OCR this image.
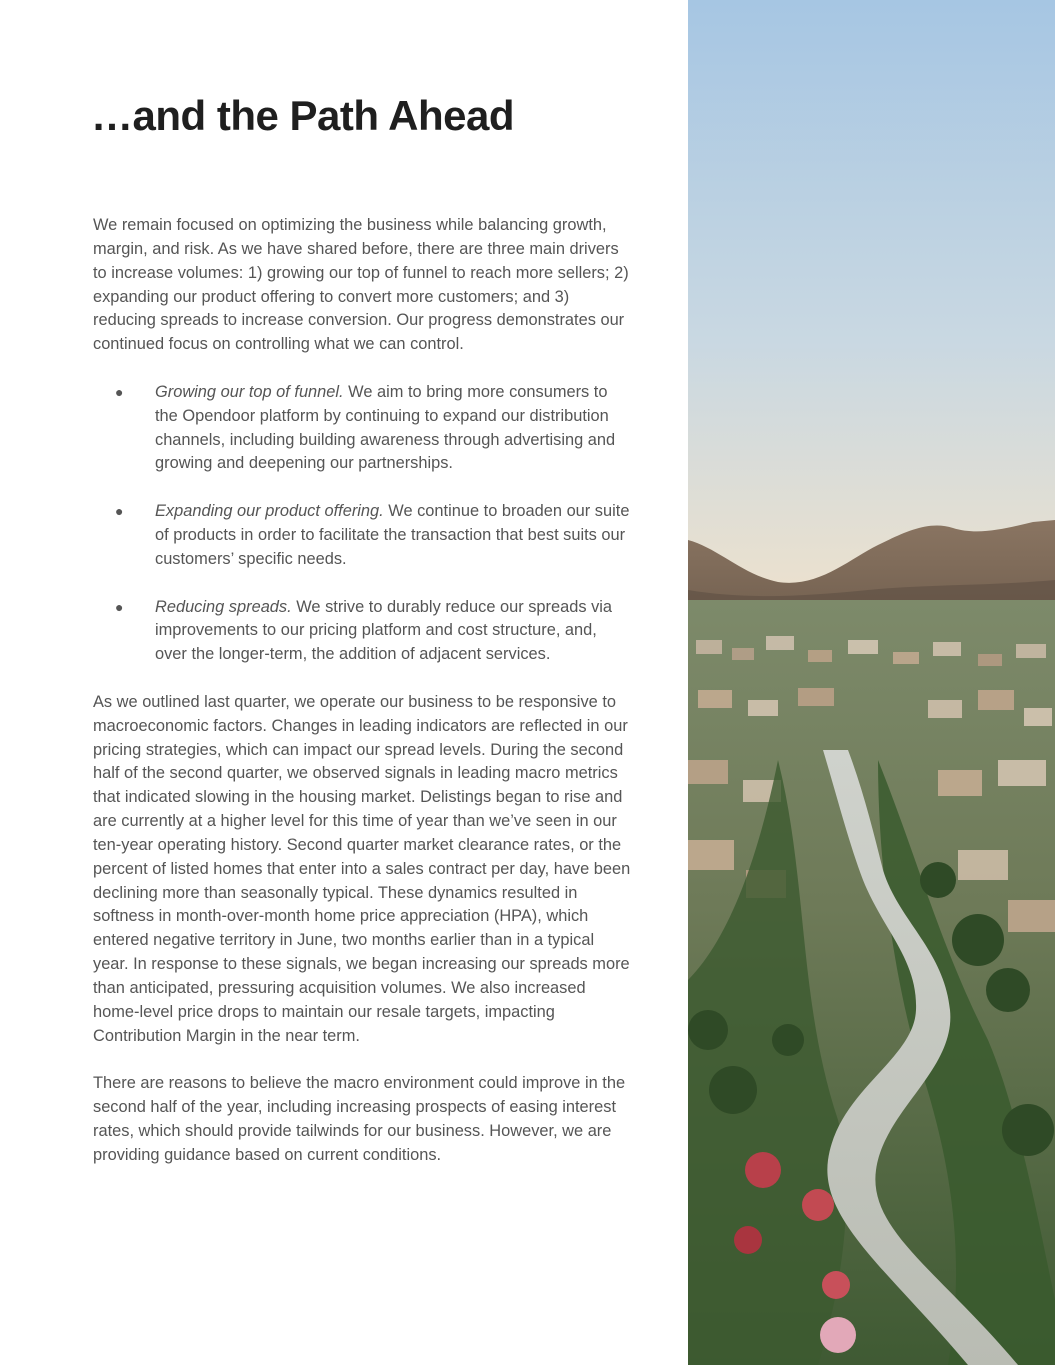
…and the Path Ahead

We remain focused on optimizing the business while balancing growth, margin, and risk. As we have shared before, there are three main drivers to increase volumes: 1) growing our top of funnel to reach more sellers; 2) expanding our product offering to convert more customers; and 3) reducing spreads to increase conversion. Our progress demonstrates our continued focus on controlling what we can control.

● Growing our top of funnel. We aim to bring more consumers to the Opendoor platform by continuing to expand our distribution channels, including building awareness through advertising and growing and deepening our partnerships.
● Expanding our product offering. We continue to broaden our suite of products in order to facilitate the transaction that best suits our customers’ specific needs.
● Reducing spreads. We strive to durably reduce our spreads via improvements to our pricing platform and cost structure, and, over the longer-term, the addition of adjacent services.

As we outlined last quarter, we operate our business to be responsive to macroeconomic factors. Changes in leading indicators are reflected in our pricing strategies, which can impact our spread levels. During the second half of the second quarter, we observed signals in leading macro metrics that indicated slowing in the housing market. Delistings began to rise and are currently at a higher level for this time of year than we’ve seen in our ten-year operating history. Second quarter market clearance rates, or the percent of listed homes that enter into a sales contract per day, have been declining more than seasonally typical. These dynamics resulted in softness in month-over-month home price appreciation (HPA), which entered negative territory in June, two months earlier than in a typical year. In response to these signals, we began increasing our spreads more than anticipated, pressuring acquisition volumes. We also increased home-level price drops to maintain our resale targets, impacting Contribution Margin in the near term.

There are reasons to believe the macro environment could improve in the second half of the year, including increasing prospects of easing interest rates, which should provide tailwinds for our business. However, we are providing guidance based on current conditions.
